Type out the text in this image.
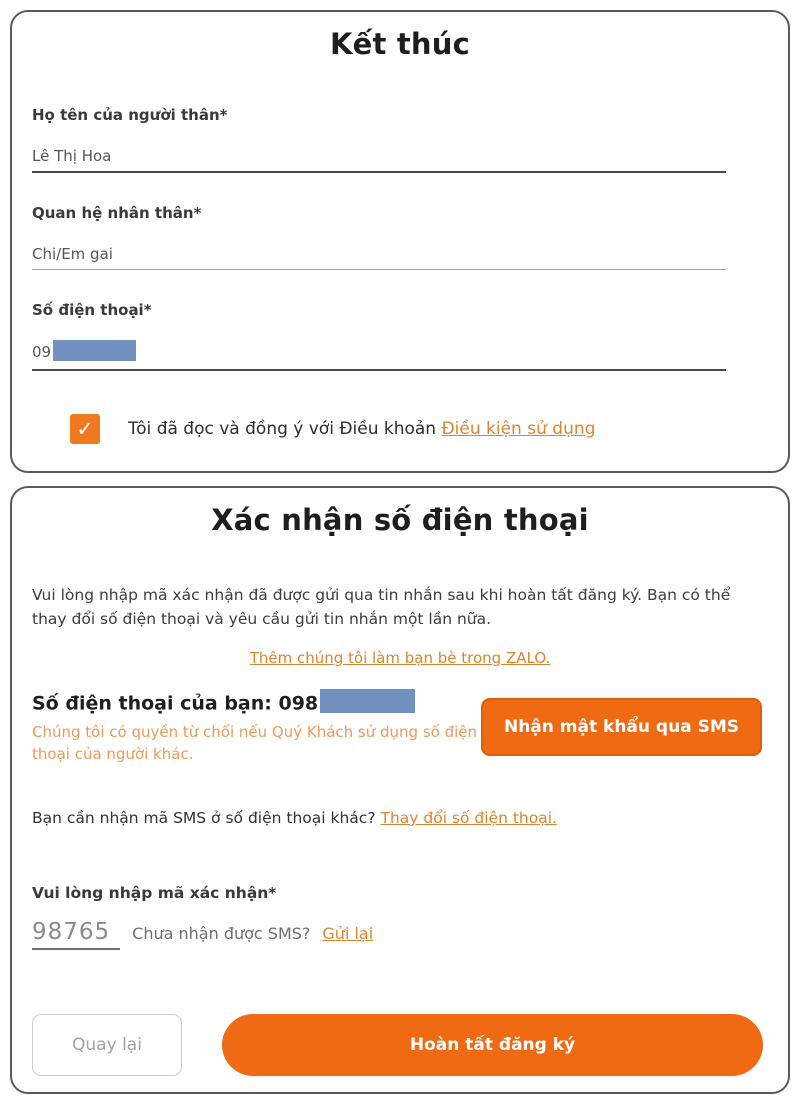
Kết thúc
Họ tên của người thân*
Lê Thị Hoa
Quan hệ nhân thân*
Chi/Em gai
Số điện thoại*
09
✓	Tôi đã đọc và đồng ý với Điều khoản Điều kiện sử dụng
Xác nhận số điện thoại

Vui lòng nhập mã xác nhận đã được gửi qua tin nhắn sau khi hoàn tất đăng ký. Bạn có thể thay đổi số điện thoại và yêu cầu gửi tin nhắn một lần nữa.

Thêm chúng tôi làm bạn bè trong ZALO.
Số điện thoại của bạn: 098
Chúng tôi có quyền từ chối nếu Quý Khách sử dụng số điện thoại của người khác.
Nhận mật khẩu qua SMS
Bạn cần nhận mã SMS ở số điện thoại khác? Thay đổi số điện thoại.
Vui lòng nhập mã xác nhận*
98765	Chưa nhận được SMS? Gửi lại
Quay lại	Hoàn tất đăng ký
